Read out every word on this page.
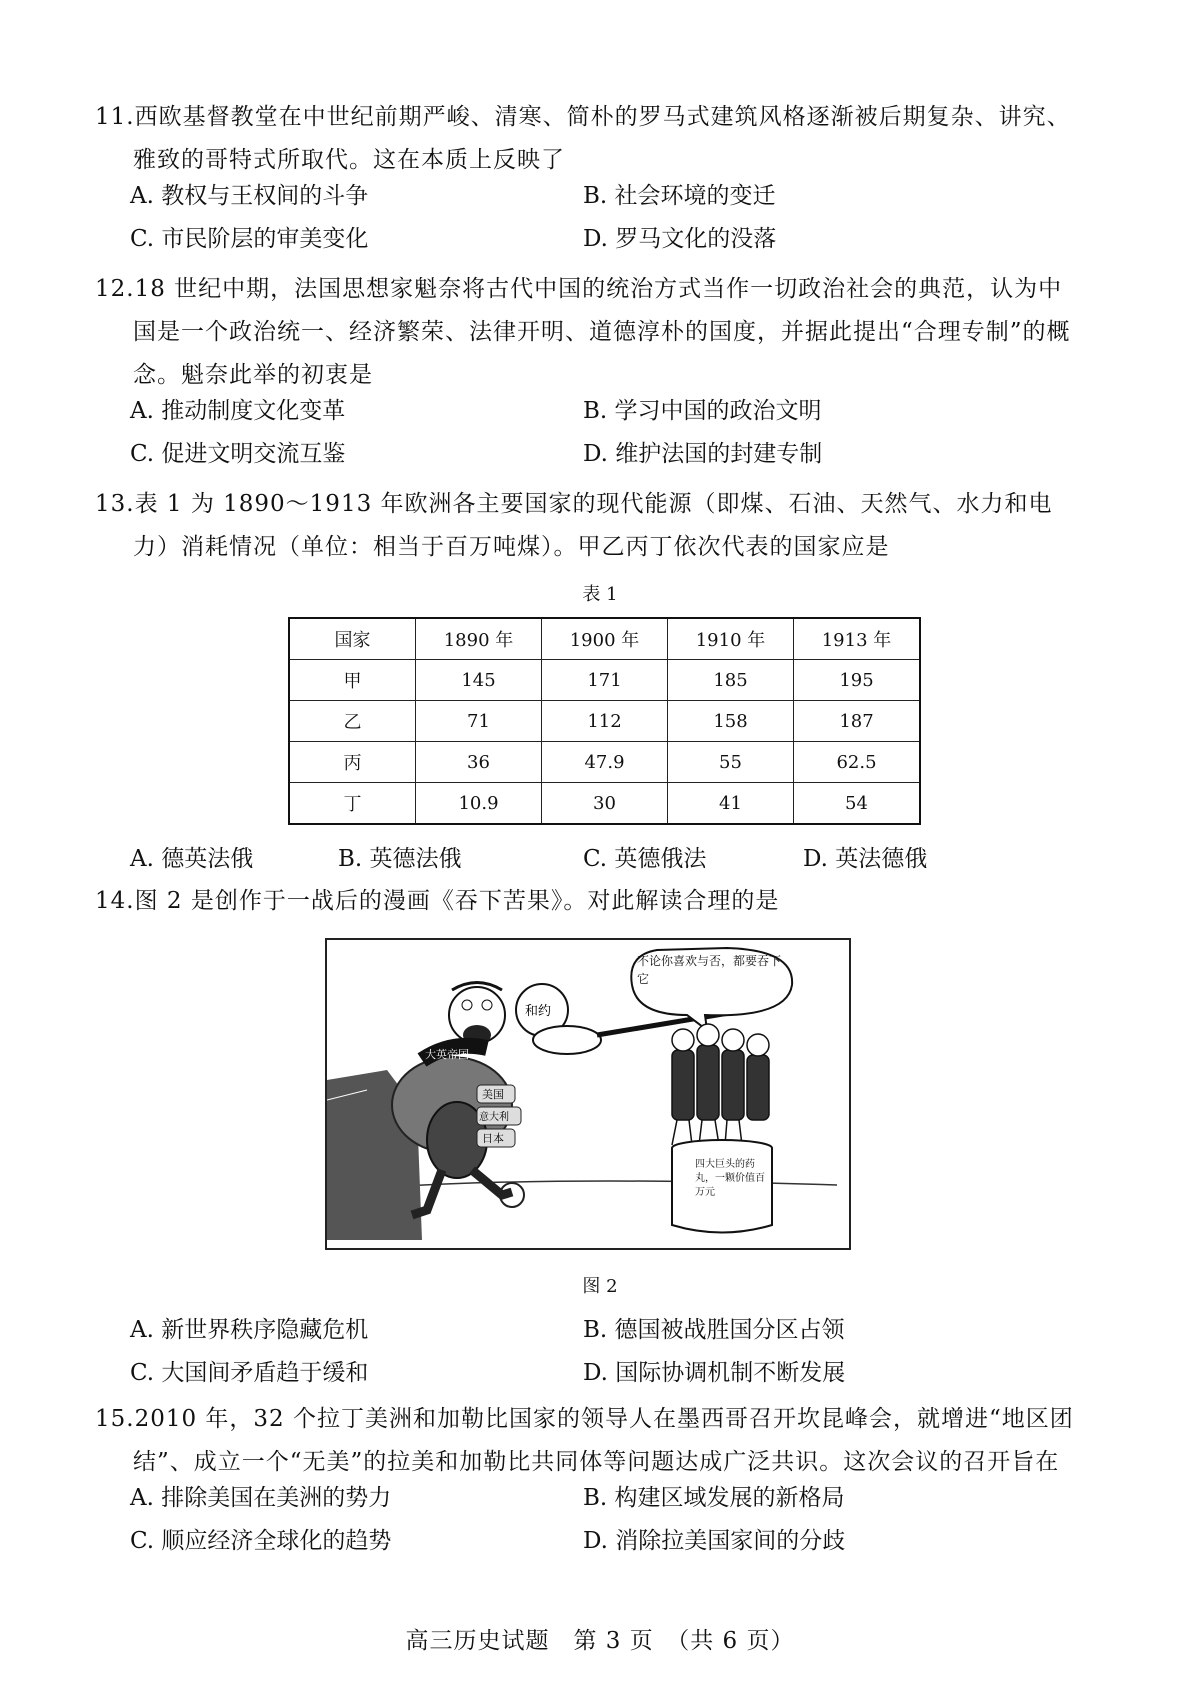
11.西欧基督教堂在中世纪前期严峻、清寒、简朴的罗马式建筑风格逐渐被后期复杂、讲究、雅致的哥特式所取代。这在本质上反映了
A. 教权与王权间的斗争	B. 社会环境的变迁
C. 市民阶层的审美变化	D. 罗马文化的没落
12.18 世纪中期，法国思想家魁奈将古代中国的统治方式当作一切政治社会的典范，认为中国是一个政治统一、经济繁荣、法律开明、道德淳朴的国度，并据此提出“合理专制”的概念。魁奈此举的初衷是
A. 推动制度文化变革	B. 学习中国的政治文明
C. 促进文明交流互鉴	D. 维护法国的封建专制
13.表 1 为 1890～1913 年欧洲各主要国家的现代能源（即煤、石油、天然气、水力和电力）消耗情况（单位：相当于百万吨煤）。甲乙丙丁依次代表的国家应是
表 1
国家	1890 年	1900 年	1910 年	1913 年
甲	145	171	185	195
乙	71	112	158	187
丙	36	47.9	55	62.5
丁	10.9	30	41	54
A. 德英法俄	B. 英德法俄	C. 英德俄法	D. 英法德俄
14.图 2 是创作于一战后的漫画《吞下苦果》。对此解读合理的是
大英帝国
美国
意大利
日本
和约
不论你喜欢与否，都要吞下它
四大巨头的药丸，一颗价值百万元
图 2
A. 新世界秩序隐藏危机	B. 德国被战胜国分区占领
C. 大国间矛盾趋于缓和	D. 国际协调机制不断发展
15.2010 年，32 个拉丁美洲和加勒比国家的领导人在墨西哥召开坎昆峰会，就增进“地区团结”、成立一个“无美”的拉美和加勒比共同体等问题达成广泛共识。这次会议的召开旨在
A. 排除美国在美洲的势力	B. 构建区域发展的新格局
C. 顺应经济全球化的趋势	D. 消除拉美国家间的分歧
高三历史试题　第 3 页　（共 6 页）
